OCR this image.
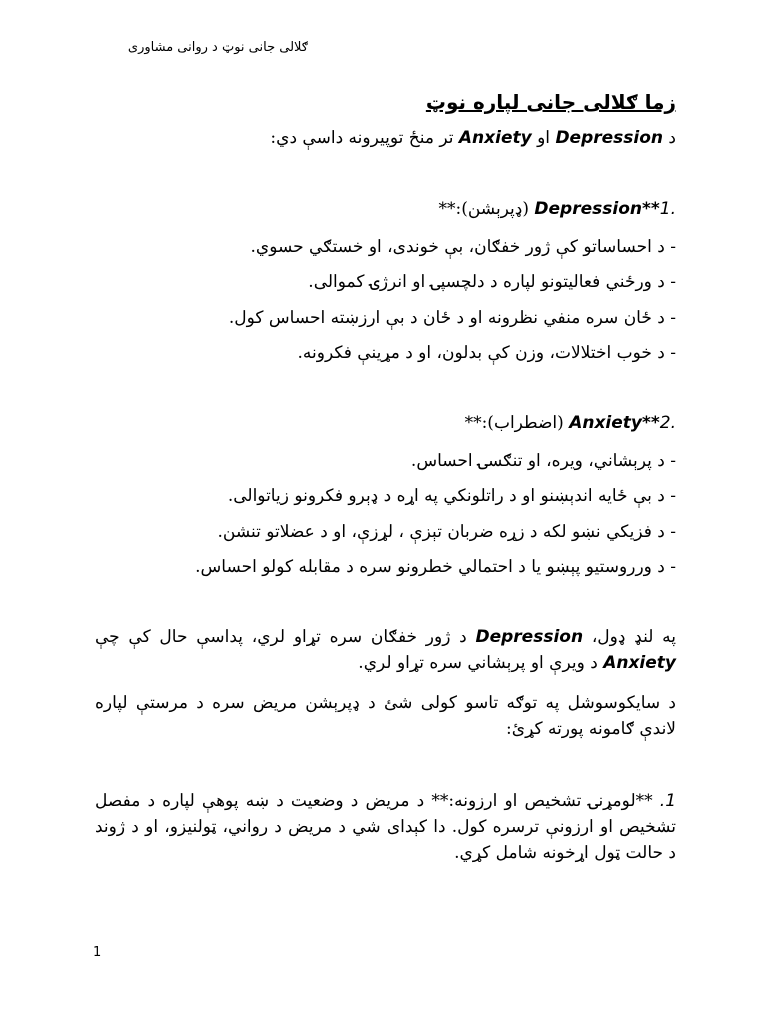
ګلالی جانی نوټ د روانی مشاوری
زما ګلالی جانی لپاره نوټ
د Depression او Anxiety تر منځ توپیرونه داسې دي:
(ډپرېشن):** Depression**1.
- د احساساتو کې ژور خفګان، بې خوندی، او خستګي حسوي.
- د ورځني فعالیتونو لپاره د دلچسپۍ او انرژۍ کموالی.
- د ځان سره منفي نظرونه او د ځان د بې ارزښته احساس کول.
- د خوب اختلالات، وزن کې بدلون، او د مړینې فکرونه.
(اضطراب):** Anxiety**2.
- د پرېشاني، ویره، او تنګسۍ احساس.
- د بې ځایه اندېښنو او د راتلونکي په اړه د ډېرو فکرونو زیاتوالی.
- د فزیکي نښو لکه د زړه ضربان تېزې ، لړزې، او د عضلاتو تنشن.
- د ورروستیو پېښو یا د احتمالي خطرونو سره د مقابله کولو احساس.
په لنډ ډول، Depression د ژور خفګان سره تړاو لري، پداسې حال کې چې Anxiety د ویرې او پرېشاني سره تړاو لري.
د سایکوسوشل په توګه تاسو کولی شئ د ډپرېشن مریض سره د مرستې لپاره لاندې ګامونه پورته کړئ:
1. **لومړنۍ تشخیص او ارزونه:** د مریض د وضعیت د ښه پوهې لپاره د مفصل تشخیص او ارزونې ترسره کول. دا کېدای شي د مریض د رواني، ټولنیزو، او د ژوند د حالت ټول اړخونه شامل کړي.
1
